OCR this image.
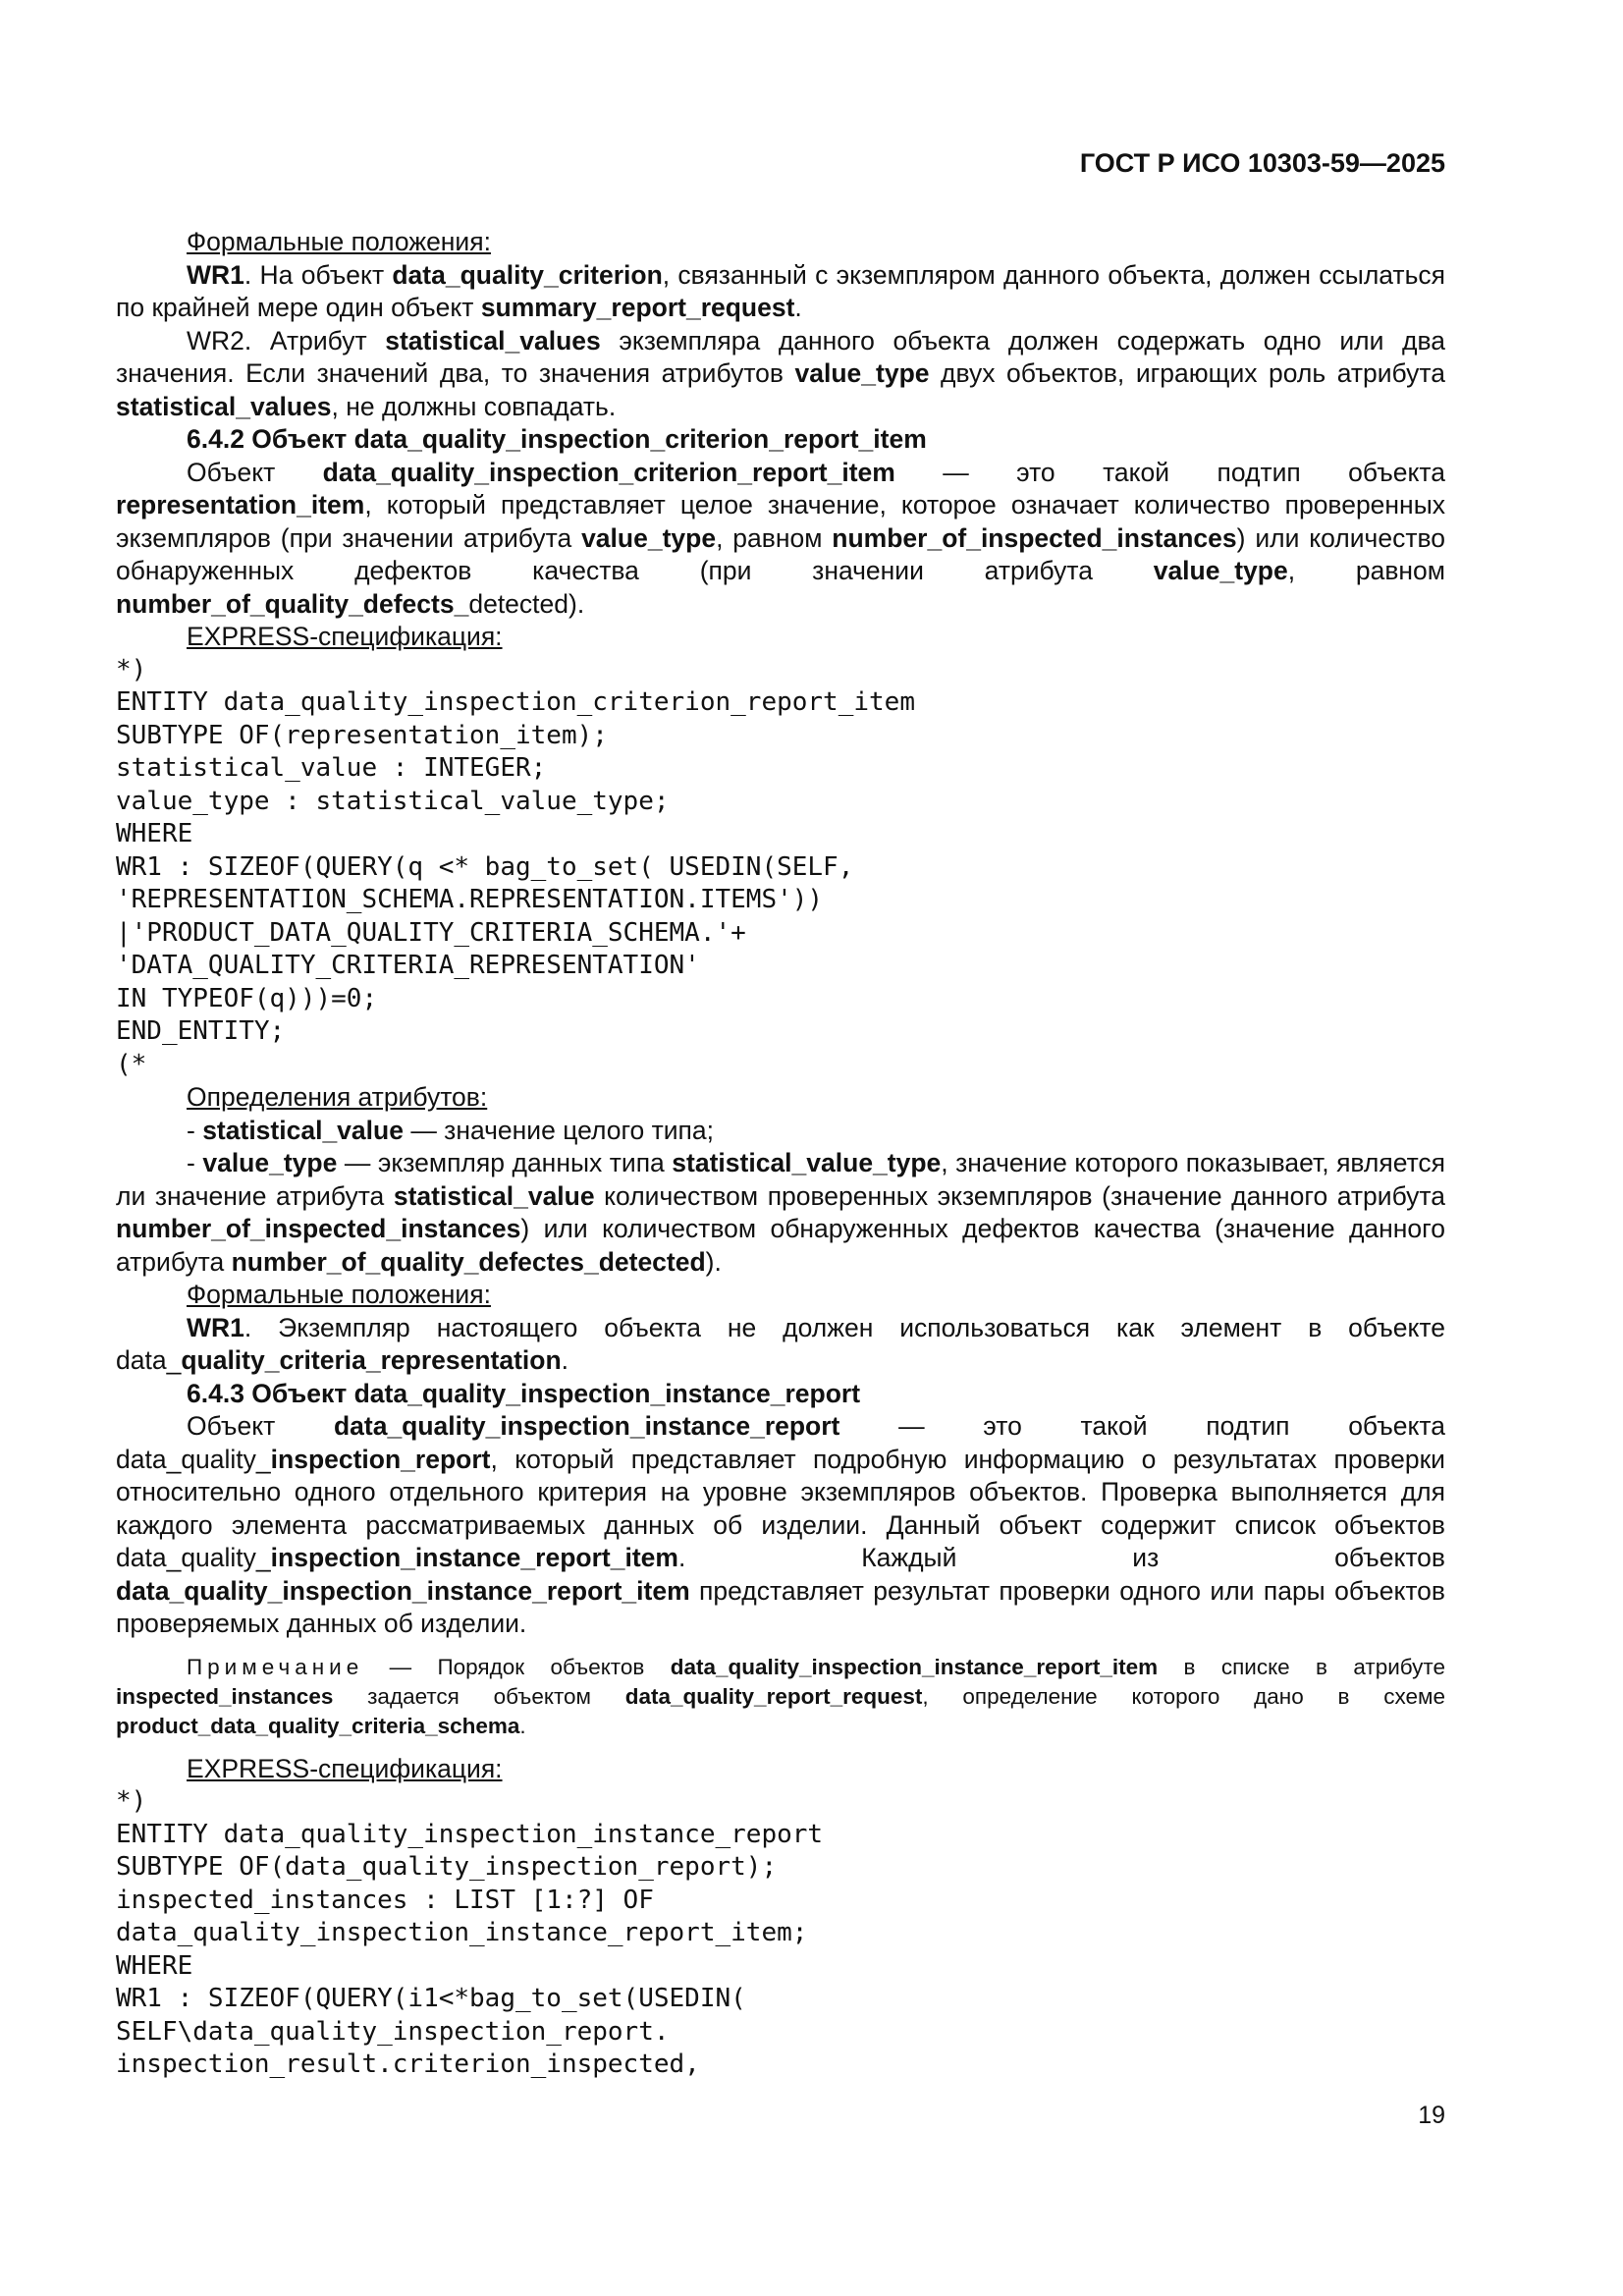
ГОСТ Р ИСО 10303-59—2025

Формальные положения:

WR1. На объект data_quality_criterion, связанный с экземпляром данного объекта, должен ссылаться по крайней мере один объект summary_report_request.

WR2. Атрибут statistical_values экземпляра данного объекта должен содержать одно или два значения. Если значений два, то значения атрибутов value_type двух объектов, играющих роль атрибута statistical_values, не должны совпадать.

6.4.2 Объект data_quality_inspection_criterion_report_item

Объект data_quality_inspection_criterion_report_item — это такой подтип объекта representation_item, который представляет целое значение, которое означает количество проверенных экземпляров (при значении атрибута value_type, равном number_of_inspected_instances) или количество обнаруженных дефектов качества (при значении атрибута value_type, равном number_of_quality_defects_detected).

EXPRESS-спецификация:

*)
ENTITY data_quality_inspection_criterion_report_item
SUBTYPE OF(representation_item);
statistical_value : INTEGER;
value_type : statistical_value_type;
WHERE
WR1 : SIZEOF(QUERY(q <* bag_to_set( USEDIN(SELF,
'REPRESENTATION_SCHEMA.REPRESENTATION.ITEMS'))
|'PRODUCT_DATA_QUALITY_CRITERIA_SCHEMA.'+
'DATA_QUALITY_CRITERIA_REPRESENTATION'
IN TYPEOF(q)))=0;
END_ENTITY;
(*

Определения атрибутов:

- statistical_value — значение целого типа;

- value_type — экземпляр данных типа statistical_value_type, значение которого показывает, является ли значение атрибута statistical_value количеством проверенных экземпляров (значение данного атрибута number_of_inspected_instances) или количеством обнаруженных дефектов качества (значение данного атрибута number_of_quality_defectes_detected).

Формальные положения:

WR1. Экземпляр настоящего объекта не должен использоваться как элемент в объекте data_quality_criteria_representation.

6.4.3 Объект data_quality_inspection_instance_report

Объект data_quality_inspection_instance_report — это такой подтип объекта data_quality_inspection_report, который представляет подробную информацию о результатах проверки относительно одного отдельного критерия на уровне экземпляров объектов. Проверка выполняется для каждого элемента рассматриваемых данных об изделии. Данный объект содержит список объектов data_quality_inspection_instance_report_item. Каждый из объектов data_quality_inspection_instance_report_item представляет результат проверки одного или пары объектов проверяемых данных об изделии.

Примечание — Порядок объектов data_quality_inspection_instance_report_item в списке в атрибуте inspected_instances задается объектом data_quality_report_request, определение которого дано в схеме product_data_quality_criteria_schema.

EXPRESS-спецификация:

*)
ENTITY data_quality_inspection_instance_report
SUBTYPE OF(data_quality_inspection_report);
inspected_instances : LIST [1:?] OF
data_quality_inspection_instance_report_item;
WHERE
WR1 : SIZEOF(QUERY(i1<*bag_to_set(USEDIN(
SELF\data_quality_inspection_report.
inspection_result.criterion_inspected,
19
